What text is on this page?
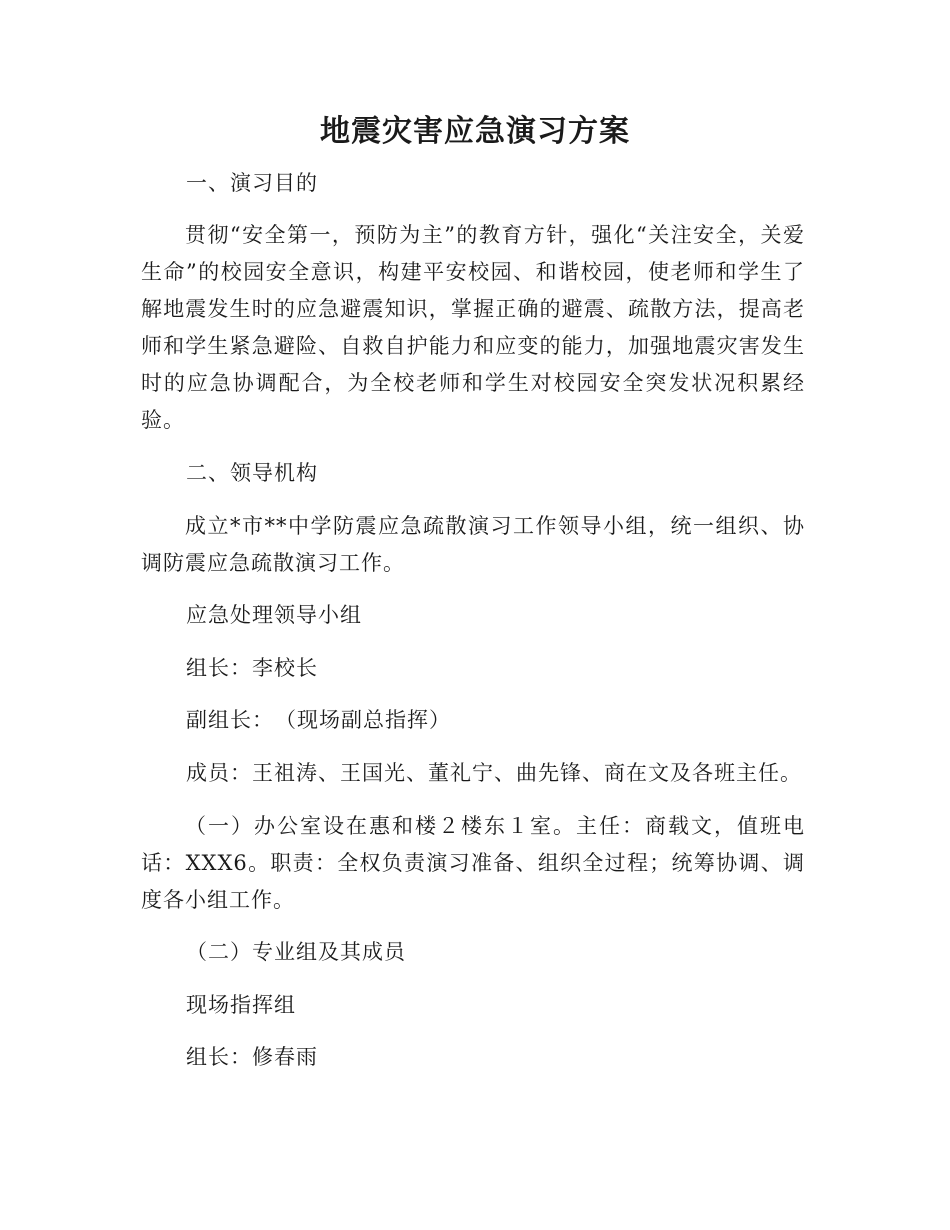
地震灾害应急演习方案
一、演习目的
贯彻“安全第一，预防为主”的教育方针，强化“关注安全，关爱生命”的校园安全意识，构建平安校园、和谐校园，使老师和学生了解地震发生时的应急避震知识，掌握正确的避震、疏散方法，提高老师和学生紧急避险、自救自护能力和应变的能力，加强地震灾害发生时的应急协调配合，为全校老师和学生对校园安全突发状况积累经验。
二、领导机构
成立*市**中学防震应急疏散演习工作领导小组，统一组织、协调防震应急疏散演习工作。
应急处理领导小组
组长：李校长
副组长：　（现场副总指挥）
成员：王祖涛、王国光、董礼宁、曲先锋、商在文及各班主任。
（一）办公室设在惠和楼２楼东１室。主任：商载文，值班电话：XXX6。职责：全权负责演习准备、组织全过程；统筹协调、调度各小组工作。
（二）专业组及其成员
现场指挥组
组长：修春雨
